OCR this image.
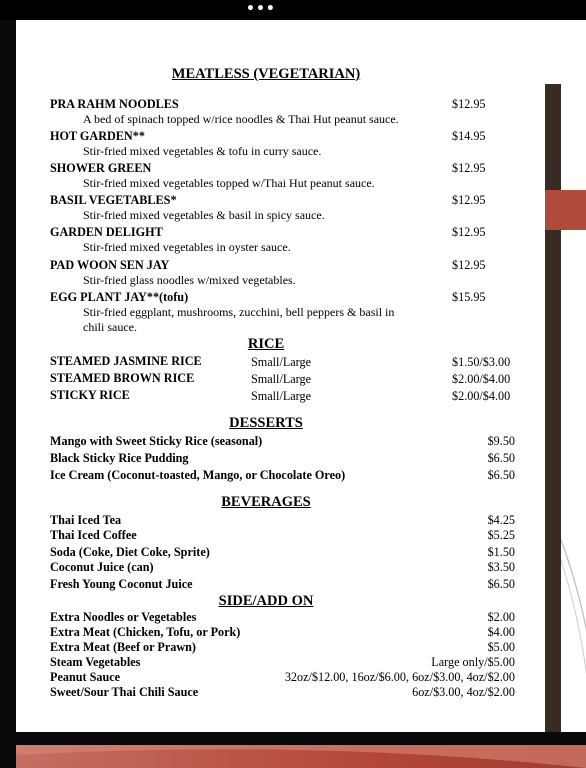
•••
MEATLESS (VEGETARIAN)
PRA RAHM NOODLES	$12.95
A bed of spinach topped w/rice noodles & Thai Hut peanut sauce.
HOT GARDEN**	$14.95
Stir-fried mixed vegetables & tofu in curry sauce.
SHOWER GREEN	$12.95
Stir-fried mixed vegetables topped w/Thai Hut peanut sauce.
BASIL VEGETABLES*	$12.95
Stir-fried mixed vegetables & basil in spicy sauce.
GARDEN DELIGHT	$12.95
Stir-fried mixed vegetables in oyster sauce.
PAD WOON SEN JAY	$12.95
Stir-fried glass noodles w/mixed vegetables.
EGG PLANT JAY**(tofu)	$15.95
Stir-fried eggplant, mushrooms, zucchini, bell peppers & basil in chili sauce.
RICE
STEAMED JASMINE RICE	Small/Large	$1.50/$3.00
STEAMED BROWN RICE	Small/Large	$2.00/$4.00
STICKY RICE	Small/Large	$2.00/$4.00
DESSERTS
Mango with Sweet Sticky Rice (seasonal)	$9.50
Black Sticky Rice Pudding	$6.50
Ice Cream (Coconut-toasted, Mango, or Chocolate Oreo)	$6.50
BEVERAGES
Thai Iced Tea	$4.25
Thai Iced Coffee	$5.25
Soda (Coke, Diet Coke, Sprite)	$1.50
Coconut Juice (can)	$3.50
Fresh Young Coconut Juice	$6.50
SIDE/ADD ON
Extra Noodles or Vegetables	$2.00
Extra Meat (Chicken, Tofu, or Pork)	$4.00
Extra Meat (Beef or Prawn)	$5.00
Steam Vegetables	Large only/$5.00
Peanut Sauce	32oz/$12.00, 16oz/$6.00, 6oz/$3.00, 4oz/$2.00
Sweet/Sour Thai Chili Sauce	6oz/$3.00, 4oz/$2.00
